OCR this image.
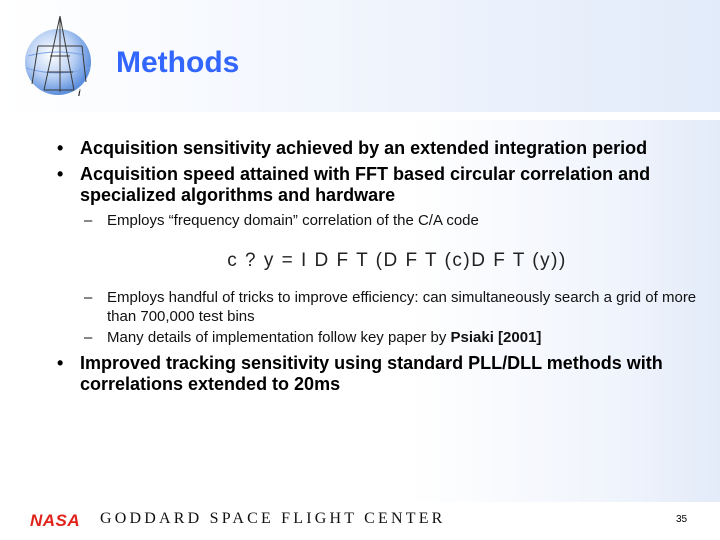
i
Methods
• Acquisition sensitivity achieved by an extended integration period
• Acquisition speed attained with FFT based circular correlation and specialized algorithms and hardware
– Employs “frequency domain” correlation of the C/A code
c ? y = I D F T (D F T (c)D F T (y))
– Employs handful of tricks to improve efficiency: can simultaneously search a grid of more than 700,000 test bins
– Many details of implementation follow key paper by Psiaki [2001]
• Improved tracking sensitivity using standard PLL/DLL methods with correlations extended to 20ms
NASA GODDARD SPACE FLIGHT CENTER	35
